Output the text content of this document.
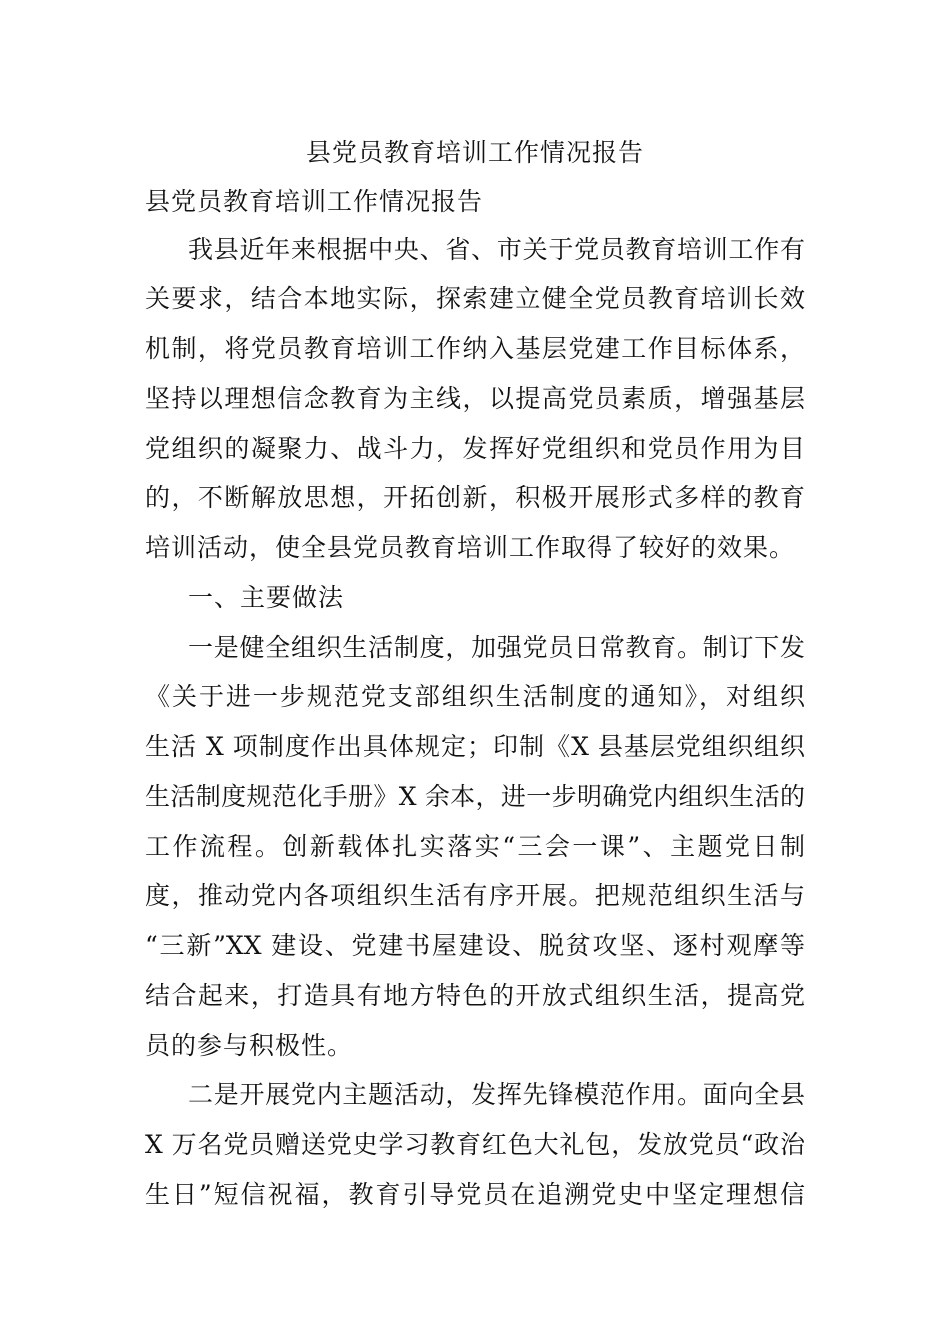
县党员教育培训工作情况报告
县党员教育培训工作情况报告
我县近年来根据中央、省、市关于党员教育培训工作有
关要求，结合本地实际，探索建立健全党员教育培训长效
机制，将党员教育培训工作纳入基层党建工作目标体系，
坚持以理想信念教育为主线，以提高党员素质，增强基层
党组织的凝聚力、战斗力，发挥好党组织和党员作用为目
的，不断解放思想，开拓创新，积极开展形式多样的教育
培训活动，使全县党员教育培训工作取得了较好的效果。
一、主要做法
一是健全组织生活制度，加强党员日常教育。制订下发
《关于进一步规范党支部组织生活制度的通知》，对组织
生活 X 项制度作出具体规定；印制《X 县基层党组织组织
生活制度规范化手册》X 余本，进一步明确党内组织生活的
工作流程。创新载体扎实落实“三会一课”、主题党日制
度，推动党内各项组织生活有序开展。把规范组织生活与
“三新”XX 建设、党建书屋建设、脱贫攻坚、逐村观摩等
结合起来，打造具有地方特色的开放式组织生活，提高党
员的参与积极性。
二是开展党内主题活动，发挥先锋模范作用。面向全县
X 万名党员赠送党史学习教育红色大礼包，发放党员“政治
生日”短信祝福，教育引导党员在追溯党史中坚定理想信
